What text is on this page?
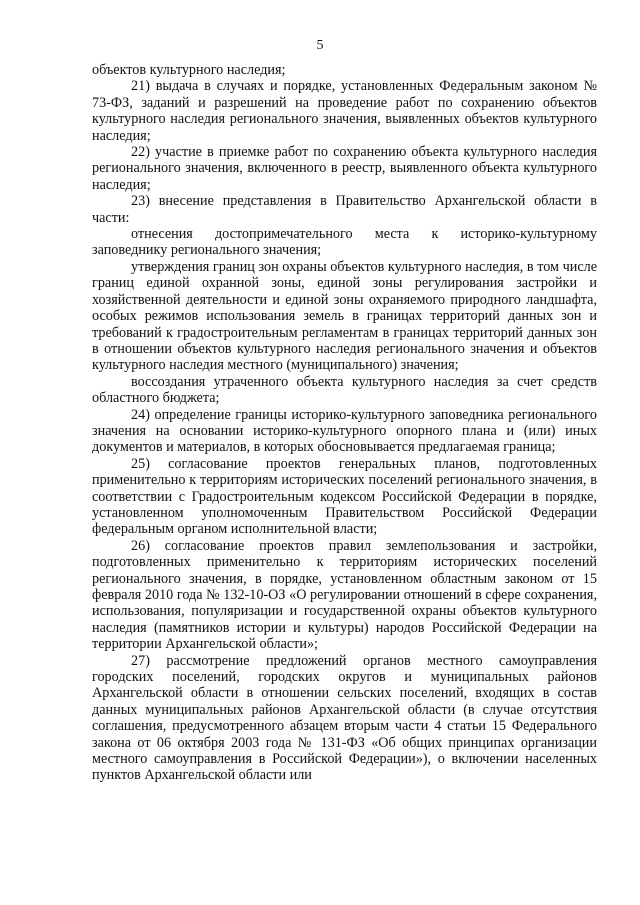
5

объектов культурного наследия;

21) выдача в случаях и порядке, установленных Федеральным законом № 73-ФЗ, заданий и разрешений на проведение работ по сохранению объектов культурного наследия регионального значения, выявленных объектов культурного наследия;

22) участие в приемке работ по сохранению объекта культурного наследия регионального значения, включенного в реестр, выявленного объекта культурного наследия;

23) внесение представления в Правительство Архангельской области в части:

отнесения достопримечательного места к историко-культурному заповеднику регионального значения;

утверждения границ зон охраны объектов культурного наследия, в том числе границ единой охранной зоны, единой зоны регулирования застройки и хозяйственной деятельности и единой зоны охраняемого природного ландшафта, особых режимов использования земель в границах территорий данных зон и требований к градостроительным регламентам в границах территорий данных зон в отношении объектов культурного наследия регионального значения и объектов культурного наследия местного (муниципального) значения;

воссоздания утраченного объекта культурного наследия за счет средств областного бюджета;

24) определение границы историко-культурного заповедника регионального значения на основании историко-культурного опорного плана и (или) иных документов и материалов, в которых обосновывается предлагаемая граница;

25) согласование проектов генеральных планов, подготовленных применительно к территориям исторических поселений регионального значения, в соответствии с Градостроительным кодексом Российской Федерации в порядке, установленном уполномоченным Правительством Российской Федерации федеральным органом исполнительной власти;

26) согласование проектов правил землепользования и застройки, подготовленных применительно к территориям исторических поселений регионального значения, в порядке, установленном областным законом от 15 февраля 2010 года № 132-10-ОЗ «О регулировании отношений в сфере сохранения, использования, популяризации и государственной охраны объектов культурного наследия (памятников истории и культуры) народов Российской Федерации на территории Архангельской области»;

27) рассмотрение предложений органов местного самоуправления городских поселений, городских округов и муниципальных районов Архангельской области в отношении сельских поселений, входящих в состав данных муниципальных районов Архангельской области (в случае отсутствия соглашения, предусмотренного абзацем вторым части 4 статьи 15 Федерального закона от 06 октября 2003 года № 131-ФЗ «Об общих принципах организации местного самоуправления в Российской Федерации»), о включении населенных пунктов Архангельской области или
